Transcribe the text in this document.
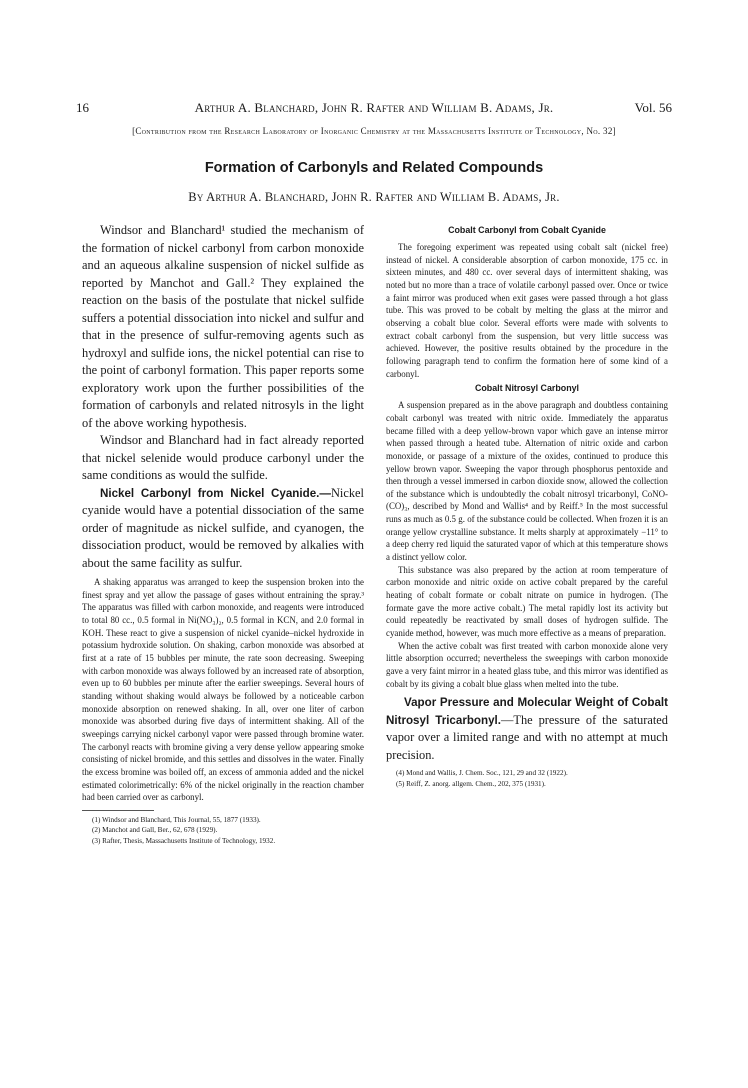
16	Arthur A. Blanchard, John R. Rafter and William B. Adams, Jr.	Vol. 56
[Contribution from the Research Laboratory of Inorganic Chemistry at the Massachusetts Institute of Technology, No. 32]
Formation of Carbonyls and Related Compounds
By Arthur A. Blanchard, John R. Rafter and William B. Adams, Jr.

Windsor and Blanchard¹ studied the mechanism of the formation of nickel carbonyl from carbon monoxide and an aqueous alkaline suspension of nickel sulfide as reported by Manchot and Gall.² They explained the reaction on the basis of the postulate that nickel sulfide suffers a potential dissociation into nickel and sulfur and that in the presence of sulfur-removing agents such as hydroxyl and sulfide ions, the nickel potential can rise to the point of carbonyl formation. This paper reports some exploratory work upon the further possibilities of the formation of carbonyls and related nitrosyls in the light of the above working hypothesis.

Windsor and Blanchard had in fact already reported that nickel selenide would produce carbonyl under the same conditions as would the sulfide.

Nickel Carbonyl from Nickel Cyanide.—Nickel cyanide would have a potential dissociation of the same order of magnitude as nickel sulfide, and cyanogen, the dissociation product, would be removed by alkalies with about the same facility as sulfur.

A shaking apparatus was arranged to keep the suspension broken into the finest spray and yet allow the passage of gases without entraining the spray.³ The apparatus was filled with carbon monoxide, and reagents were introduced to total 80 cc., 0.5 formal in Ni(NO₃)₂, 0.5 formal in KCN, and 2.0 formal in KOH. These react to give a suspension of nickel cyanide–nickel hydroxide in potassium hydroxide solution. On shaking, carbon monoxide was absorbed at first at a rate of 15 bubbles per minute, the rate soon decreasing. Sweeping with carbon monoxide was always followed by an increased rate of absorption, even up to 60 bubbles per minute after the earlier sweepings. Several hours of standing without shaking would always be followed by a noticeable carbon monoxide absorption on renewed shaking. In all, over one liter of carbon monoxide was absorbed during five days of intermittent shaking. All of the sweepings carrying nickel carbonyl vapor were passed through bromine water. The carbonyl reacts with bromine giving a very dense yellow appearing smoke consisting of nickel bromide, and this settles and dissolves in the water. Finally the excess bromine was boiled off, an excess of ammonia added and the nickel estimated colorimetrically: 6% of the nickel originally in the reaction chamber had been carried over as carbonyl.

(1) Windsor and Blanchard, This Journal, 55, 1877 (1933).

(2) Manchot and Gall, Ber., 62, 678 (1929).

(3) Rafter, Thesis, Massachusetts Institute of Technology, 1932.

Cobalt Carbonyl from Cobalt Cyanide

The foregoing experiment was repeated using cobalt salt (nickel free) instead of nickel. A considerable absorption of carbon monoxide, 175 cc. in sixteen minutes, and 480 cc. over several days of intermittent shaking, was noted but no more than a trace of volatile carbonyl passed over. Once or twice a faint mirror was produced when exit gases were passed through a hot glass tube. This was proved to be cobalt by melting the glass at the mirror and observing a cobalt blue color. Several efforts were made with solvents to extract cobalt carbonyl from the suspension, but very little success was achieved. However, the positive results obtained by the procedure in the following paragraph tend to confirm the formation here of some kind of a carbonyl.

Cobalt Nitrosyl Carbonyl

A suspension prepared as in the above paragraph and doubtless containing cobalt carbonyl was treated with nitric oxide. Immediately the apparatus became filled with a deep yellow-brown vapor which gave an intense mirror when passed through a heated tube. Alternation of nitric oxide and carbon monoxide, or passage of a mixture of the oxides, continued to produce this yellow brown vapor. Sweeping the vapor through phosphorus pentoxide and then through a vessel immersed in carbon dioxide snow, allowed the collection of the substance which is undoubtedly the cobalt nitrosyl tricarbonyl, CoNO-(CO)₃, described by Mond and Wallis⁴ and by Reiff.⁵ In the most successful runs as much as 0.5 g. of the substance could be collected. When frozen it is an orange yellow crystalline substance. It melts sharply at approximately −11° to a deep cherry red liquid the saturated vapor of which at this temperature shows a distinct yellow color.

This substance was also prepared by the action at room temperature of carbon monoxide and nitric oxide on active cobalt prepared by the careful heating of cobalt formate or cobalt nitrate on pumice in hydrogen. (The formate gave the more active cobalt.) The metal rapidly lost its activity but could repeatedly be reactivated by small doses of hydrogen sulfide. The cyanide method, however, was much more effective as a means of preparation.

When the active cobalt was first treated with carbon monoxide alone very little absorption occurred; nevertheless the sweepings with carbon monoxide gave a very faint mirror in a heated glass tube, and this mirror was identified as cobalt by its giving a cobalt blue glass when melted into the tube.

Vapor Pressure and Molecular Weight of Cobalt Nitrosyl Tricarbonyl.—The pressure of the saturated vapor over a limited range and with no attempt at much precision.

(4) Mond and Wallis, J. Chem. Soc., 121, 29 and 32 (1922).

(5) Reiff, Z. anorg. allgem. Chem., 202, 375 (1931).
